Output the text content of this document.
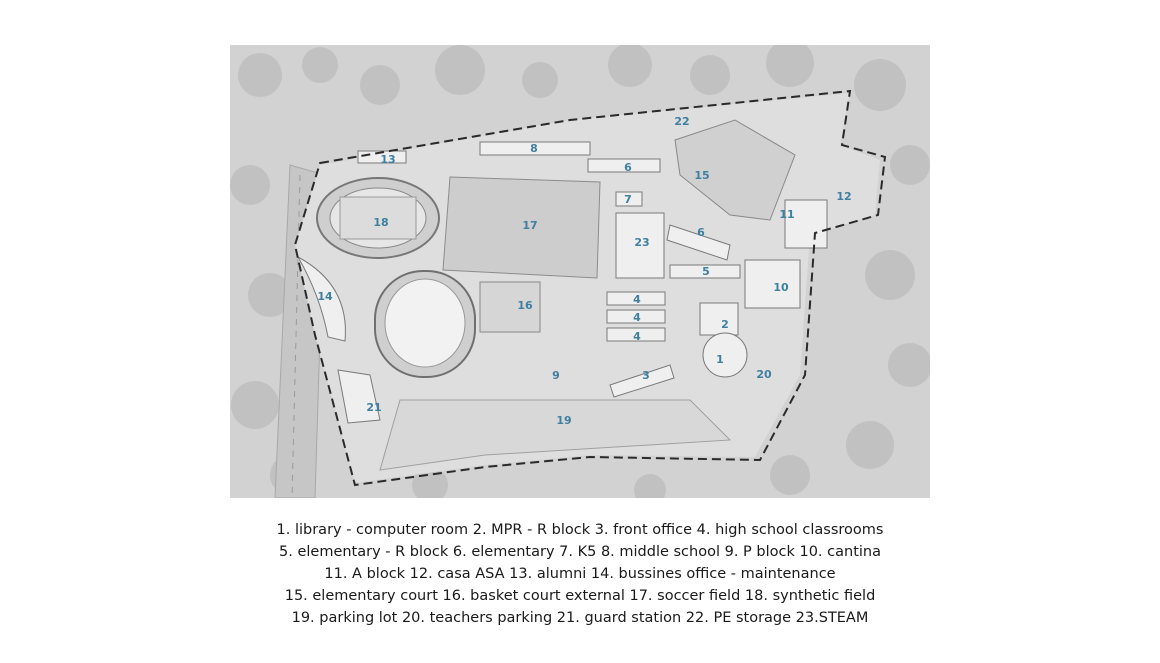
1
2
3
4
4
4
5
6
6
7
8
9
10
11
12
13
14
15
16
17
18
19
20
21
22
23
1. library - computer room 2. MPR - R block 3. front office 4. high school classrooms
5. elementary - R block 6. elementary 7. K5 8. middle school 9. P block 10. cantina
11. A block 12. casa ASA 13. alumni 14. bussines office - maintenance
15. elementary court 16. basket court external 17. soccer field 18. synthetic field
19. parking lot 20. teachers parking 21. guard station 22. PE storage 23.STEAM
